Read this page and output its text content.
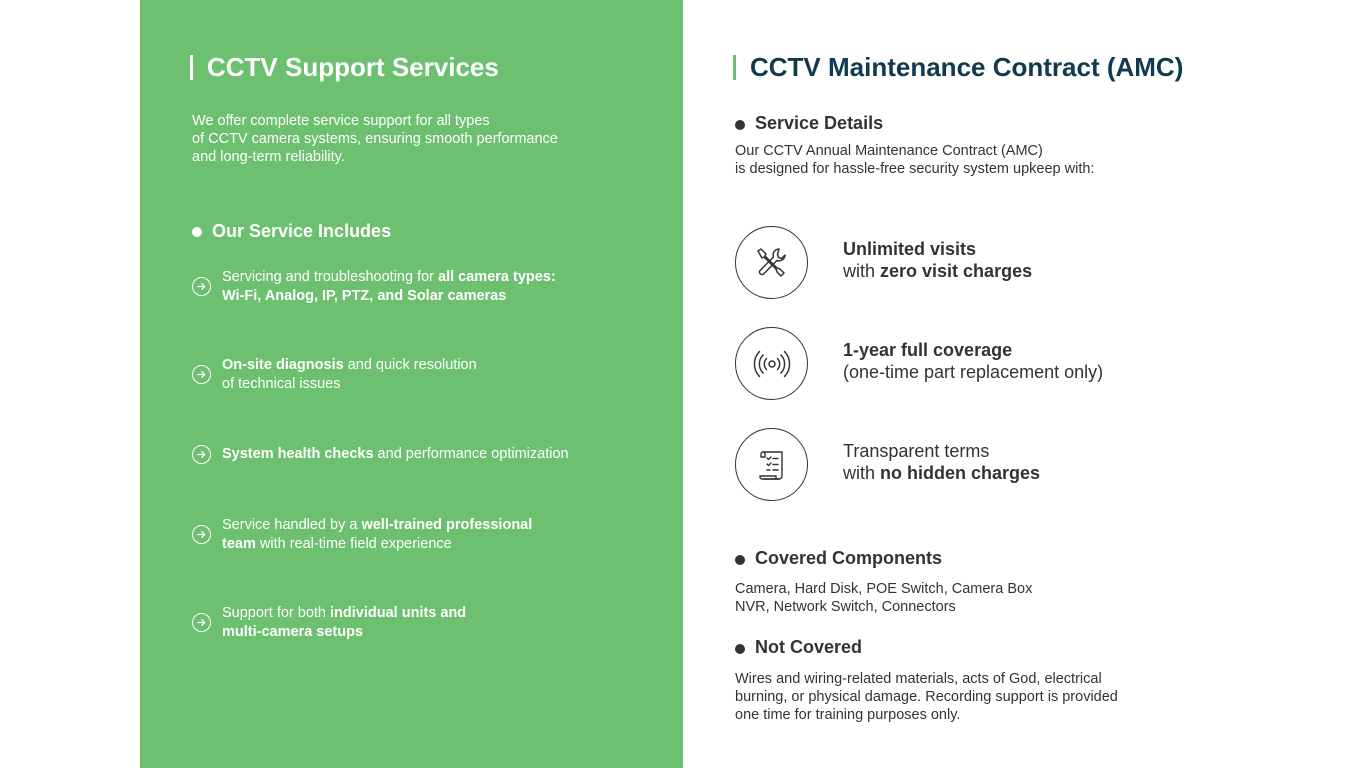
CCTV Support Services
We offer complete service support for all types
of CCTV camera systems, ensuring smooth performance
and long-term reliability.
Our Service Includes
Servicing and troubleshooting for all camera types:
Wi-Fi, Analog, IP, PTZ, and Solar cameras
On-site diagnosis and quick resolution
of technical issues
System health checks and performance optimization
Service handled by a well-trained professional
team with real-time field experience
Support for both individual units and
multi-camera setups
CCTV Maintenance Contract (AMC)
Service Details
Our CCTV Annual Maintenance Contract (AMC)
is designed for hassle-free security system upkeep with:
Unlimited visits
with zero visit charges
1-year full coverage
(one-time part replacement only)
Transparent terms
with no hidden charges
Covered Components
Camera, Hard Disk, POE Switch, Camera Box
NVR, Network Switch, Connectors
Not Covered
Wires and wiring-related materials, acts of God, electrical
burning, or physical damage. Recording support is provided
one time for training purposes only.
